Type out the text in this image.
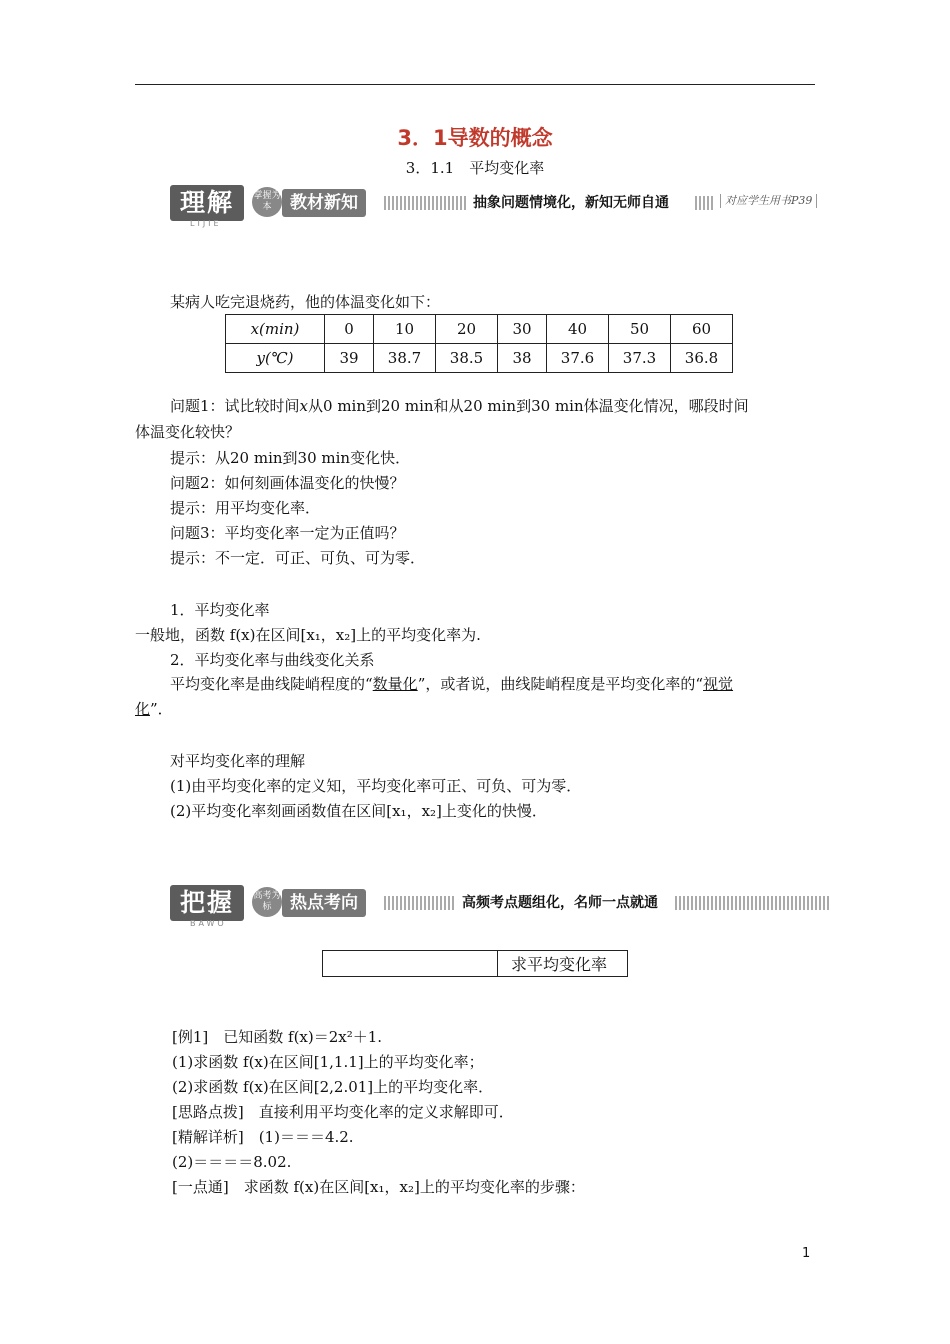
3．1导数的概念
3．1.1　平均变化率
理解
LIJIE
掌握为本	教材新知	抽象问题情境化，新知无师自通	对应学生用书P39
某病人吃完退烧药，他的体温变化如下：
x(min)	0	10	20	30	40	50	60
y(℃)	39	38.7	38.5	38	37.6	37.3	36.8
问题1：试比较时间x从0 min到20 min和从20 min到30 min体温变化情况，哪段时间
体温变化较快？
提示：从20 min到30 min变化快．
问题2：如何刻画体温变化的快慢？
提示：用平均变化率．
问题3：平均变化率一定为正值吗？
提示：不一定．可正、可负、可为零．
1．平均变化率
一般地，函数 f(x)在区间[x₁，x₂]上的平均变化率为.
2．平均变化率与曲线变化关系
平均变化率是曲线陡峭程度的“数量化”，或者说，曲线陡峭程度是平均变化率的“视觉
化”．
对平均变化率的理解
(1)由平均变化率的定义知，平均变化率可正、可负、可为零．
(2)平均变化率刻画函数值在区间[x₁，x₂]上变化的快慢．
把握
BAWO
高考为标	热点考向	高频考点题组化，名师一点就通
求平均变化率
[例1]　已知函数 f(x)＝2x²＋1.
(1)求函数 f(x)在区间[1,1.1]上的平均变化率；
(2)求函数 f(x)在区间[2,2.01]上的平均变化率．
[思路点拨]　直接利用平均变化率的定义求解即可．
[精解详析]　(1)＝＝＝4.2.
(2)＝＝＝＝8.02.
[一点通]　求函数 f(x)在区间[x₁，x₂]上的平均变化率的步骤：
1
